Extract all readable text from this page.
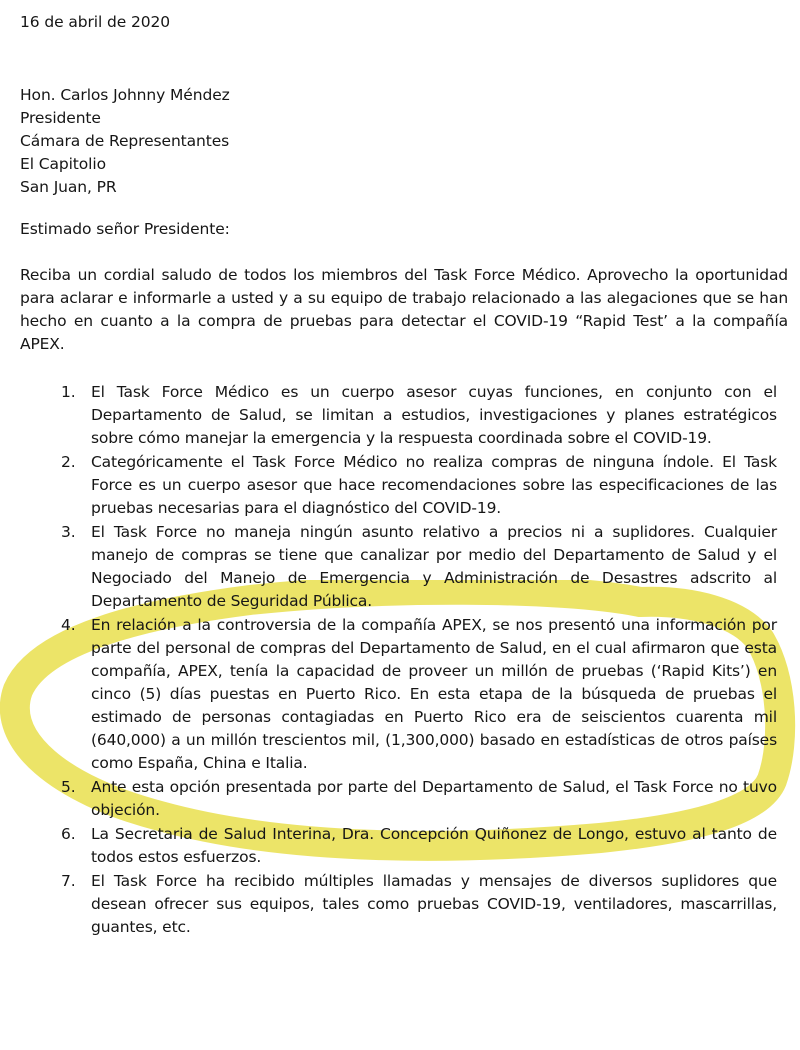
16 de abril de 2020
Hon. Carlos Johnny Méndez
Presidente
Cámara de Representantes
El Capitolio
San Juan, PR
Estimado señor Presidente:
Reciba un cordial saludo de todos los miembros del Task Force Médico. Aprovecho la oportunidad para aclarar e informarle a usted y a su equipo de trabajo relacionado a las alegaciones que se han hecho en cuanto a la compra de pruebas para detectar el COVID-19 “Rapid Test’ a la compañía APEX.
1. El Task Force Médico es un cuerpo asesor cuyas funciones, en conjunto con el Departamento de Salud, se limitan a estudios, investigaciones y planes estratégicos sobre cómo manejar la emergencia y la respuesta coordinada sobre el COVID-19.
2. Categóricamente el Task Force Médico no realiza compras de ninguna índole. El Task Force es un cuerpo asesor que hace recomendaciones sobre las especificaciones de las pruebas necesarias para el diagnóstico del COVID-19.
3. El Task Force no maneja ningún asunto relativo a precios ni a suplidores. Cualquier manejo de compras se tiene que canalizar por medio del Departamento de Salud y el Negociado del Manejo de Emergencia y Administración de Desastres adscrito al Departamento de Seguridad Pública.
4. En relación a la controversia de la compañía APEX, se nos presentó una información por parte del personal de compras del Departamento de Salud, en el cual afirmaron que esta compañía, APEX, tenía la capacidad de proveer un millón de pruebas (‘Rapid Kits’) en cinco (5) días puestas en Puerto Rico. En esta etapa de la búsqueda de pruebas el estimado de personas contagiadas en Puerto Rico era de seiscientos cuarenta mil (640,000) a un millón trescientos mil, (1,300,000) basado en estadísticas de otros países como España, China e Italia.
5. Ante esta opción presentada por parte del Departamento de Salud, el Task Force no tuvo objeción.
6. La Secretaria de Salud Interina, Dra. Concepción Quiñonez de Longo, estuvo al tanto de todos estos esfuerzos.
7. El Task Force ha recibido múltiples llamadas y mensajes de diversos suplidores que desean ofrecer sus equipos, tales como pruebas COVID-19, ventiladores, mascarrillas, guantes, etc.
